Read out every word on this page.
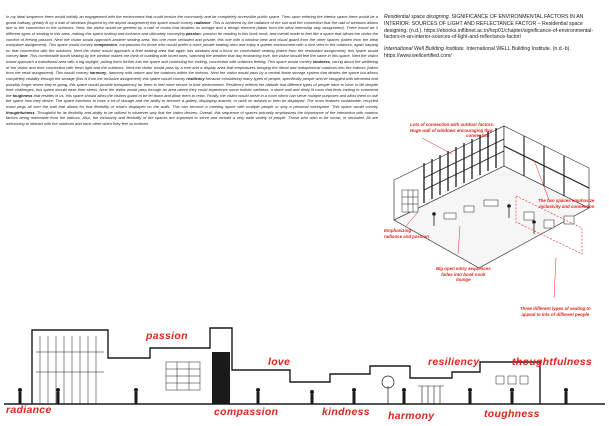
In my ideal sequence there would initially an engagement with the environment that could involve the community and be completely accessible public space. Then upon entering the interior space there would be a grand hallway, greatly lit by a wall of windows (inspired by the airport assignment) this space would convey radiance. This is achieved by the radiance of the sun and the connection that the wall of windows allows due to the connection to the outdoors. Next, the visitor would be greeted by a wall of books that doubles as storage and a design element (taken from the ideal internship stay assignment). There would be 3 different types of seating in this area, making this space inviting and inclusive and ultimately conveying passion- passion for reading in this book nook, and overall made to feel like a space that allows the visitor the comfort of feeling passion. Next the visitor would approach another seating area, this one more secluded and private, this one with a window view and visual guard from the other spaces (taken from the ideal workplace assignment). This space would convey compassion, compassion for those who would prefer a more private seating area and enjoy a quieter environment with a nice view to the outdoors, again harping on that connection with the outdoors. Next the visitor would approach a final seating area that again has windows and a focus on comfortable seating (taken from the restaurant assignment), this space would convey love. This comfortable booth seating by the window makes me think of cuddling with loved ones, watching the weather that day embracing love, the visitor should feel the same in this space. Next the visitor would approach a transitional area with a big skylight, pulling them further into the space and continuing the inviting, connection with outdoors feeling. This space would convey kindness, caring about the wellbeing of the visitor and their connection with fresh light and the outdoors. Next the visitor would pass by a tree and a display area that emphasizes bringing the literal and metaphorical outdoors into the indoors (taken from the retail assignment). This would convey harmony, harmony with nature and the outdoors within the indoors. Next the visitor would pass by a central linear storage system that divides the space but allows completely visibility through the storage (this is from the inclusive assignment) this space would convey resiliency because considering many types of people, specifically people who've struggled with dementia and possibly forget where they're going, this space would provide transparency for them to feel more secure in their environment. Resiliency reflects the attitude that different types of people have to have in life despite their challenges, this space should ease their stress. Next the visitor would pass through an area where they could experience some holistic wellness, a stone wall and dimly lit room that feels inviting to commend the toughness that resides in us, this space should allow the visitors guard to be let down and allow them to relax. Finally, the visitor would arrive in a room which can serve multiple purposes and allow them to use the space how they desire. The space functions to have a lot of storage and the ability to become a gallery, displaying artwork, or work on artwork to then be displayed. The room features sustainable, recycled wood pegs all over the wall that allows for that flexibility of what's displayed on the walls. This can become a meeting space with multiple people or stay a personal workspace. This space would convey thoughtfulness. Thoughtful for its flexibility and ability to be utilized in whatever way that the visitor desires. Overall, this sequence of spaces primarily emphasizes the importance of the interaction with outdoor factors being noticeable from the indoors. Also, the inclusivity and flexibility of the spaces are important to serve and include a very wide variety of people. Those who wish to be social, or secluded. All are welcoming to interact with the outdoors and each other when they feel so inclined.

Residential space designing. SIGNIFICANCE OF ENVIRONMENTAL FACTORS IN AN INTERIOR: SOURCES OF LIGHT AND REFLECTANCE FACTOR – Residential space designing. (n.d.). https://ebooks.inflibnet.ac.in/hsp01/chapter/significance-of-environmental-factors-in-an-interior-sources-of-light-and-reflectance-factor/

International Well Building Institute. International WELL Building Institute. (n.d.-b). https://www.wellcertified.com/

Lots of connection with outdoor factors.
Huge wall of windows encouraging that
connection
The two spaces emphasize
inclusivity and connection
Emphasizing
radiance and passion
Big open entry sequences
fades into book nook
lounge
Three different types of seating to
appeal to lots of different people
radiance
passion
compassion
love
kindness harmony
resiliency
toughness
thoughtfulness
